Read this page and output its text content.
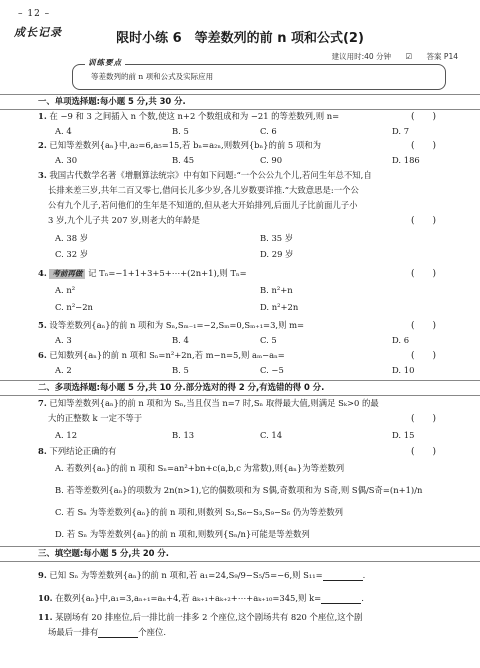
– 12 –
成长记录	限时小练 6　等差数列的前 n 项和公式(2)
建议用时:40 分钟 ☑ 答案 P14
训练要点
等差数列的前 n 项和公式及实际应用
一、单项选择题:每小题 5 分,共 30 分.
1. 在 −9 和 3 之间插入 n 个数,使这 n+2 个数组成和为 −21 的等差数列,则 n=	(　　)
A. 4	B. 5	C. 6	D. 7
2. 已知等差数列{aₙ}中,a₂=6,a₅=15,若 bₙ=a₂ₙ,则数列{bₙ}的前 5 项和为	(　　)
A. 30	B. 45	C. 90	D. 186
3. 我国古代数学名著《增删算法统宗》中有如下问题:“一个公公九个儿,若问生年总不知,自
长排来差三岁,共年二百又零七,借问长儿多少岁,各儿岁数要详推.”大致意思是:一个公
公有九个儿子,若问他们的生年是不知道的,但从老大开始排列,后面儿子比前面儿子小
3 岁,九个儿子共 207 岁,则老大的年龄是	(　　)
A. 38 岁	B. 35 岁
C. 32 岁	D. 29 岁
4. 考前再做 记 Tₙ=−1+1+3+5+⋯+(2n+1),则 Tₙ=	(　　)
A. n²	B. n²+n
C. n²−2n	D. n²+2n
5. 设等差数列{aₙ}的前 n 项和为 Sₙ,Sₘ₋₁=−2,Sₘ=0,Sₘ₊₁=3,则 m=	(　　)
A. 3	B. 4	C. 5	D. 6
6. 已知数列{aₙ}的前 n 项和 Sₙ=n²+2n,若 m−n=5,则 aₘ−aₙ=	(　　)
A. 2	B. 5	C. −5	D. 10
二、多项选择题:每小题 5 分,共 10 分.部分选对的得 2 分,有选错的得 0 分.
7. 已知等差数列{aₙ}的前 n 项和为 Sₙ,当且仅当 n=7 时,Sₙ 取得最大值,则满足 Sₖ>0 的最
大的正整数 k 一定不等于	(　　)
A. 12	B. 13	C. 14	D. 15
8. 下列结论正确的有	(　　)
A. 若数列{aₙ}的前 n 项和 Sₙ=an²+bn+c(a,b,c 为常数),则{aₙ}为等差数列
B. 若等差数列{aₙ}的项数为 2n(n>1),它的偶数项和为 S偶,奇数项和为 S奇,则 S偶/S奇=(n+1)/n
C. 若 Sₙ 为等差数列{aₙ}的前 n 项和,则数列 S₃,S₆−S₃,S₉−S₆ 仍为等差数列
D. 若 Sₙ 为等差数列{aₙ}的前 n 项和,则数列{Sₙ/n}可能是等差数列
三、填空题:每小题 5 分,共 20 分.
9. 已知 Sₙ 为等差数列{aₙ}的前 n 项和,若 a₁=24,S₉/9−S₅/5=−6,则 S₁₁=	.
10. 在数列{aₙ}中,a₁=3,aₙ₊₁=aₙ+4,若 aₖ₊₁+aₖ₊₂+⋯+aₖ₊₁₀=345,则 k=	.
11. 某剧场有 20 排座位,后一排比前一排多 2 个座位,这个剧场共有 820 个座位,这个剧
场最后一排有	个座位.
